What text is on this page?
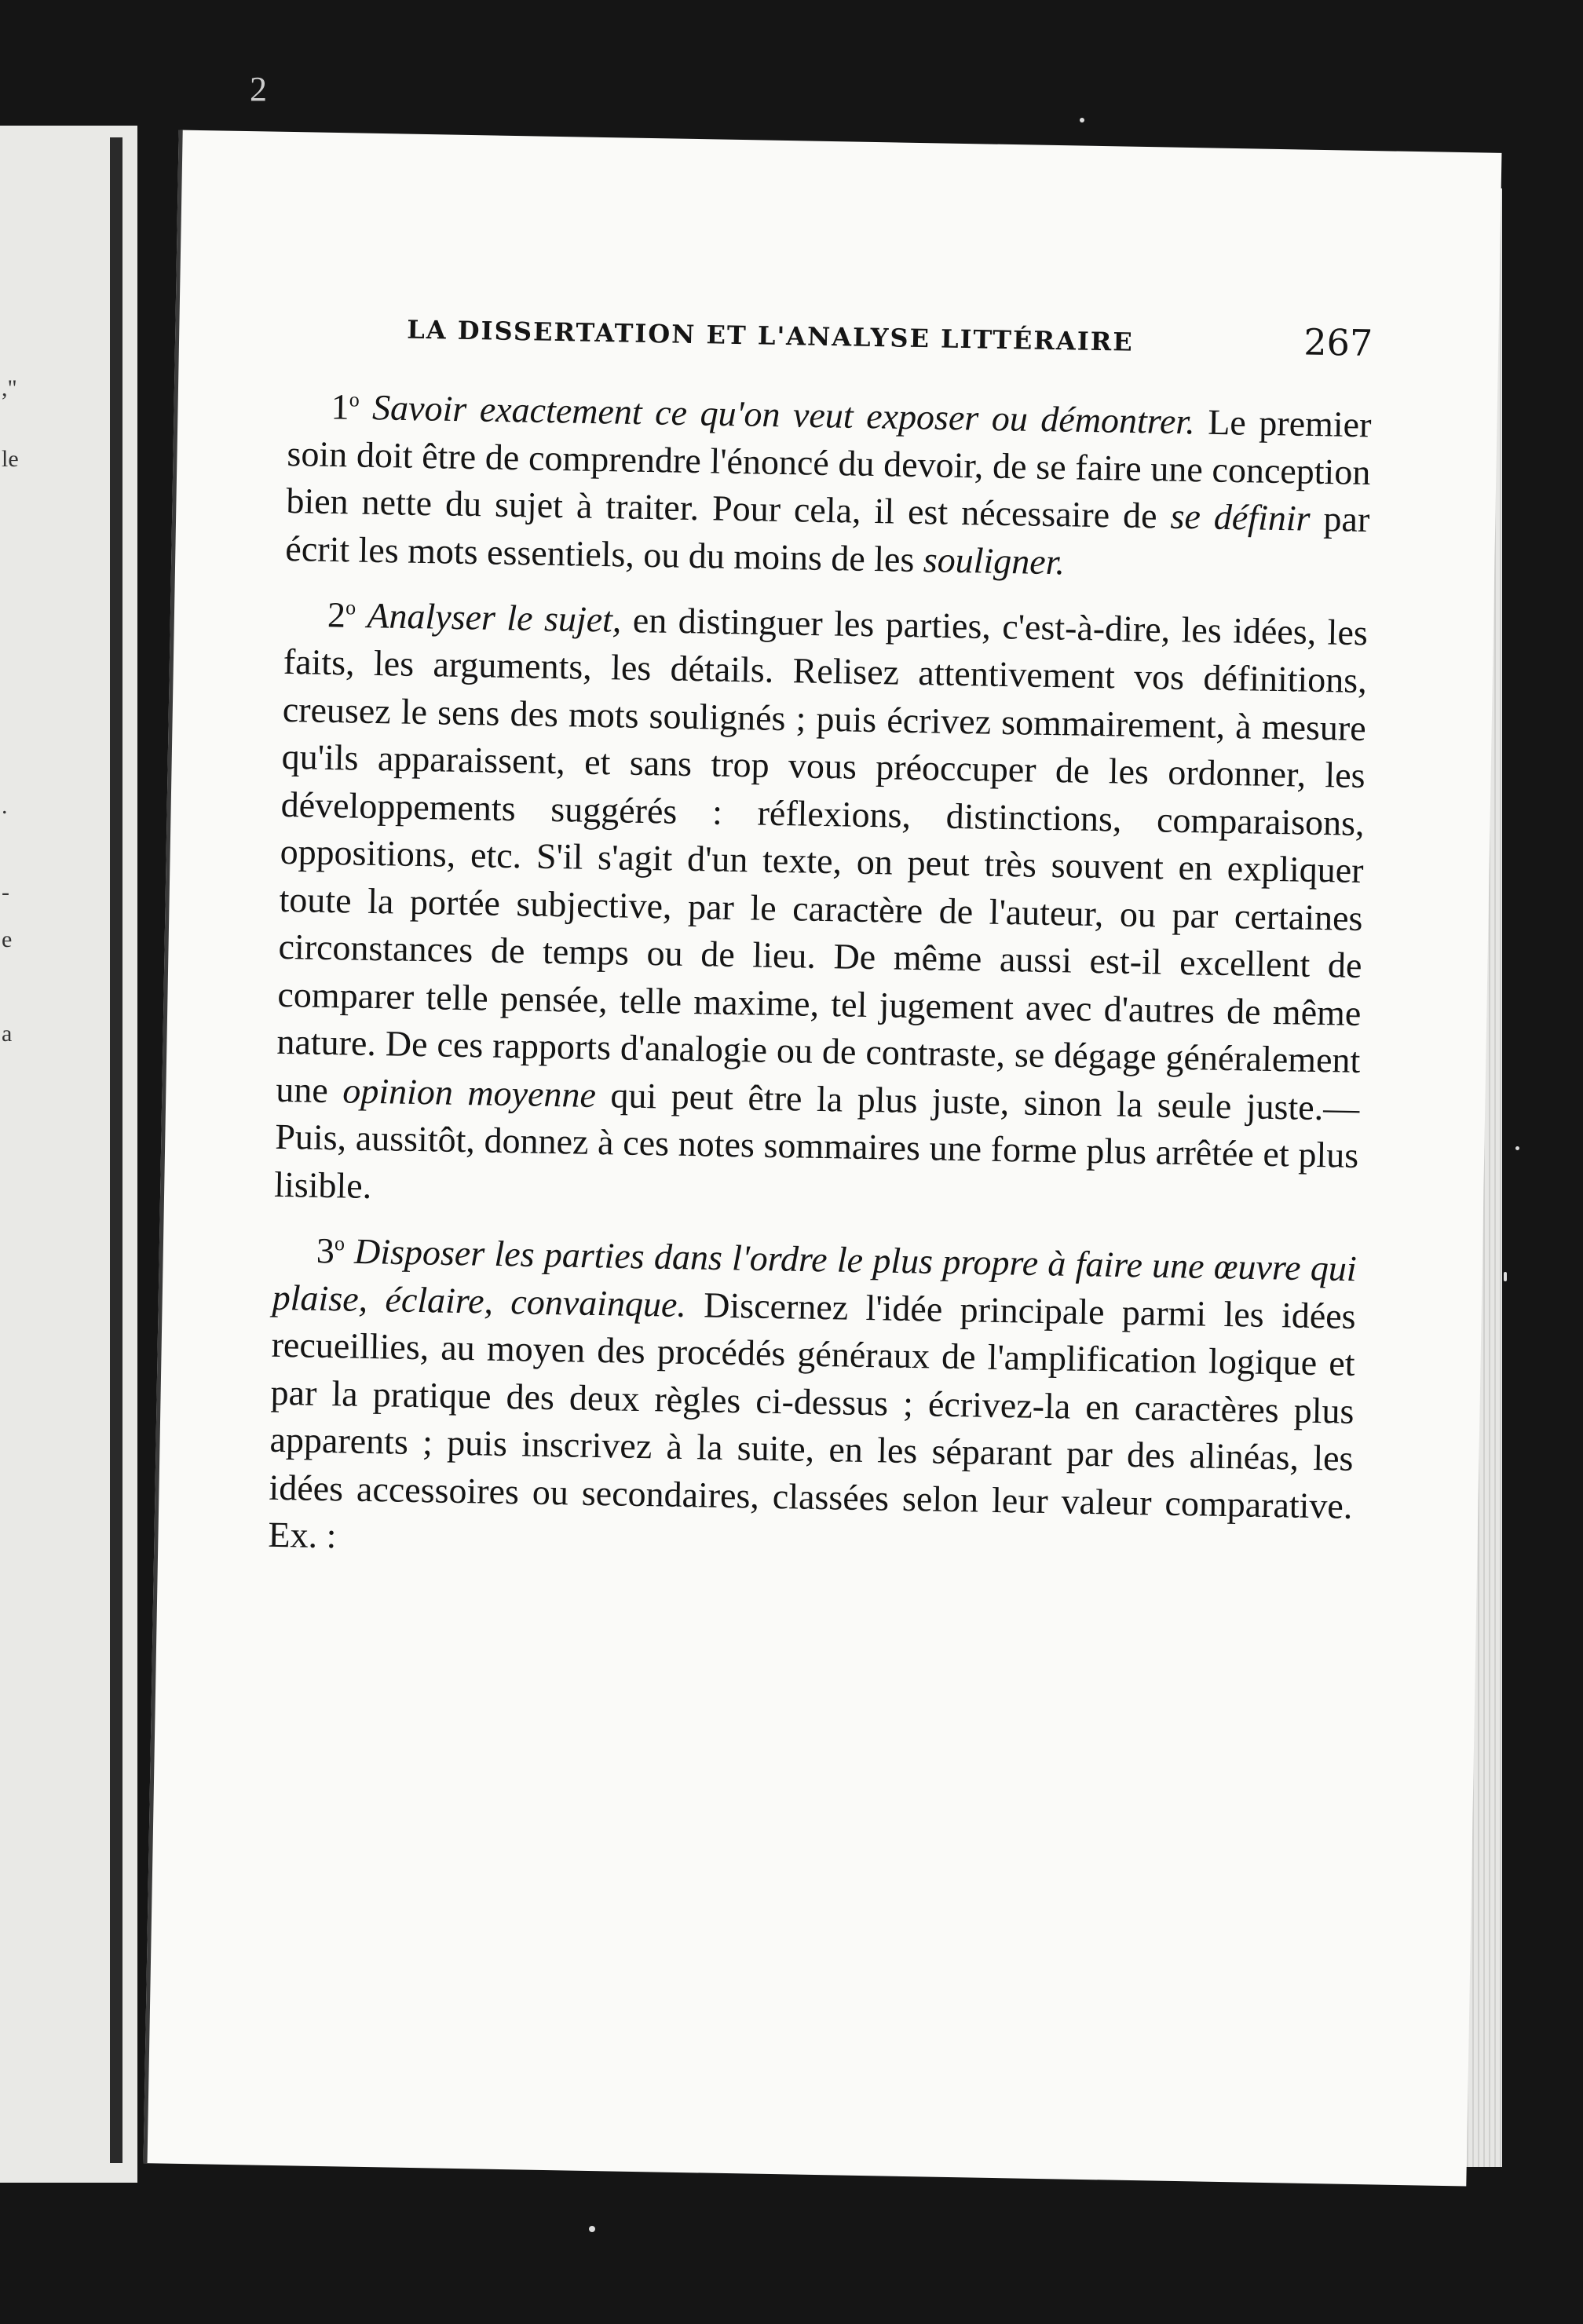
2
,"
le
.
-
e
a
LA DISSERTATION ET L'ANALYSE LITTÉRAIRE	267

1$^o$ Savoir exactement ce qu'on veut exposer ou démontrer. Le premier soin doit être de comprendre l'énoncé du devoir, de se faire une conception bien nette du sujet à traiter. Pour cela, il est nécessaire de se définir par écrit les mots essentiels, ou du moins de les souligner.

2$^o$ Analyser le sujet, en distinguer les parties, c'est-à-dire, les idées, les faits, les arguments, les détails. Relisez attentivement vos définitions, creusez le sens des mots soulignés ; puis écrivez sommairement, à mesure qu'ils apparaissent, et sans trop vous préoccuper de les ordonner, les développements suggérés : réflexions, distinctions, comparaisons, oppositions, etc. S'il s'agit d'un texte, on peut très souvent en expliquer toute la portée subjective, par le caractère de l'auteur, ou par certaines circonstances de temps ou de lieu. De même aussi est-il excellent de comparer telle pensée, telle maxime, tel jugement avec d'autres de même nature. De ces rapports d'analogie ou de contraste, se dégage généralement une opinion moyenne qui peut être la plus juste, sinon la seule juste.—Puis, aussitôt, donnez à ces notes sommaires une forme plus arrêtée et plus lisible.

3$^o$ Disposer les parties dans l'ordre le plus propre à faire une œuvre qui plaise, éclaire, convainque. Discernez l'idée principale parmi les idées recueillies, au moyen des procédés généraux de l'amplification logique et par la pratique des deux règles ci-dessus ; écrivez-la en caractères plus apparents ; puis inscrivez à la suite, en les séparant par des alinéas, les idées accessoires ou secondaires, classées selon leur valeur comparative. Ex. :
